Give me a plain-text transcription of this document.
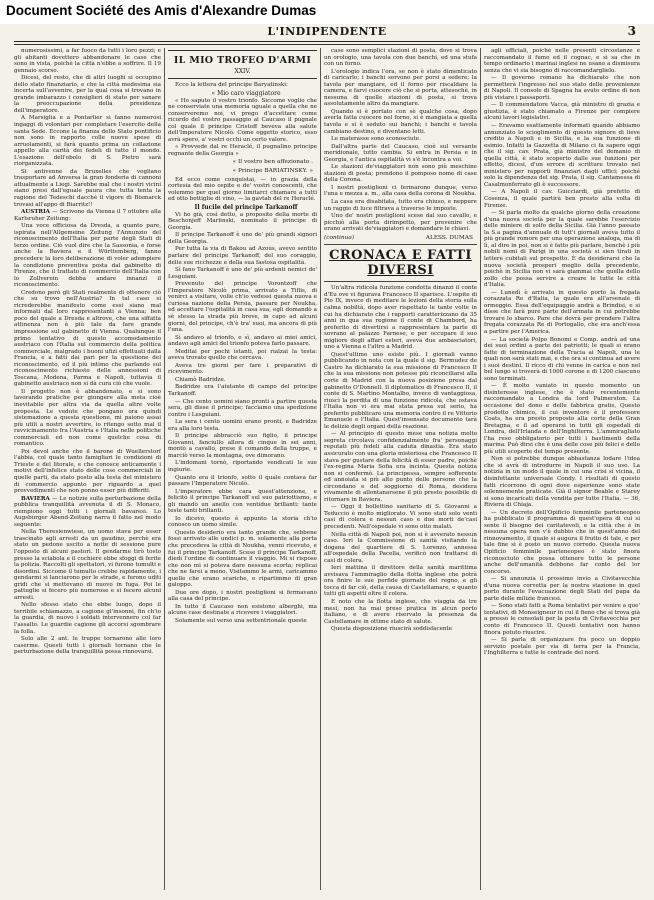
Document Société des Amis d'Alexandre Dumas
L'INDIPENDENTE	3

numerosissimi, a far fuoco da tutti i loro pezzi; e gli abitanti dovettero abbandonare le case che sono in vista, poichè la città n'ebbe a soffrire. Il 19 gennaio scorso.

Dicesi, del resto, che di altri luoghi si occupino dello stato finanziario, e che la città medesima sia incerta sull'avvenire, per la qual cosa si trovano in grande imbarazzo i consiglieri di stato per sanare la preoccupazione della presidenza dell'imperatore.

A Marsiglia e a Pontarlier si fanno numerosi ingaggi di volontari per completare l'esercito della santa Sede. Eccone la finanza dello Stato pontificio non sono in rapporto colle nuove spese di arruolamenti, si farà quanto prima un collazione appello alla carità dei fedeli di tutto il mondo. L'esazione dell'obolo di S. Pietro sarà riorganizzata.

Si antivenne da Bruxelles che vogliano trasportare ad Anversa la gran fonderia di cannoni attualmente a Liegi. Sarebbe mal che i nostri vicini siano presi dall'eguale paura che tutta tenta la ragione del Tedeschi dacchè il vigore di Bismarck trovasi all'appo di Biarritz!!

AUSTRIA — Scrivono da Vienna il 7 ottobre alla Karlsruher Zeitung:

Una voce officiosa da Dresda, a quanto pare, ispirata nell'Allgemeine Zeitung l'Annunzio del riconoscimento dell'Italia per parte degli Stati di terzo ordine. Ciò vuol dire che la Sassonia, e forse anche la Baviera e il Württemberg, fanno precedere la loro deliberazione di voler adempiere la condizione preventiva posta dal gabinetto di Firenze, che il trattato di commercio dell'Italia con lo Zollverein debba andare innanzi il riconoscimento.

Credono però gli Stati realmente di ottenere ciò che su trovo nell'Austria? In tal caso si ricrederebbe manifesto come essi siano mal informati dal loro rappresentanti a Vienna; ben poco del quale a Dresda e altrove, che una siffatta attinenza non è più tale da fare grande impressione sul gabinetto di Vienna. Qualunque il primo tentativo di questo accomodamento austriaco con l'Italia sul commercio della politica commerciale, malgrado i buoni ufizi effettuati dalla Francia, e a fatti dai pari per la questione del riconoscimento, ed il più intimo che parlando sul riconoscimento richiesto delle annessioni di Toscana, Modena, Parma e Napoli, tuttavia il gabinetto austriaco non si dà cura ciò che vuole.

Il progetto non è abbandonato, e si sono lavorando pratiche per giungere alla meta cioè inevitabile per altra via da quella altre volte proposta. Le vedute che pongano ora quindi sistemazione a questa questione, mi paiono assai più utili a nostri avvertire, io ritengo sotto mal il ravvicinamento fra l'Austria e l'Italia nelle politiche commerciali ed non come quelche cosa di romantico.

Poi devol anche che il barone di Wuellerstorf l'abbia, col quale tanto famigliari le condizioni di Trieste e del litorale, e che conosce anticamente i motivi dell'infelice stato delle cose commerciali in quelle parti, da stato posto alla testa del ministero di commercio appunto per riguardo a quel provvedimenti che non ponno esser più differiti.

BAVIERA — Le notizie sulla perturbazione della pubblica tranquillità avvenuta il di S. Monaco, riempiono oggi tutti i giornali bavaresi. Lo Augsburger Abend-Zeitung narra il fatto nel modo seguente:

Nella Theresienwiese, un uomo stava per esser trascinato agli arresti da un gaudino, perchè era stato un pedone uscito a notte di sessione pure l'opposto di alcuni pastori. Il gendarme tirò tosto presso la sciabola e il cochiere ebbe sfoggi di ferite la polizia. Raccolti gli spettatori, vi furono tumulti e disordini. Siccome il tumulto crebbe rapidamente, i gendarmi si lanciarono per le strade, e furono uditi gridi che si mettevano di nuovo in fuga. Poi le pattuglie si fecero più numerose e si fecero alcuni arresti.

Nello sfesso stato che ebbe luogo, dopo il terribile schiamazzo, a cagione gl'insonni, fin ch'io la guardia, di nuovo i soldati intervennero col far l'assalto. Le guardie cagione gli accorsi sgombrare la folla.

Solo alle 2 ant. le truppe tornarono alle loro caserme. Questi tutti i giornali tornano che le perturbazione della tranquillità possa rinnovarsi.

IL MIO TROFEO D'ARMI
XXIV.

Ecco la lettera del principe Baryatinski:

« Mio caro viaggiatore

« Ho saputo il vostro trionfo. Siccome voglio che ne conserviate una memoria uguale a quella che ne conserveremo noi, vi prego d'accettare come ricordo del vostro passaggio al Caucaso il pugnale col quale il principe Cristoff beveva alla salute dell'Imperatore Nicolò. Come oggetto storico, esso avrà spero, a' vostri occhi un certo valore.

« Provvede dal re Heraclé, il pugnalino principe regnante della Georgia »

« Il vostro ben affezionato .

« Principe BARIATINSKY. »

Ed ecco come conquistai, — in grazia della cortesia del mio ospite e de' vostri conoscenti, che volemmo per quel giorno limitarci chiamare a tutti ed otto bottiglie di vino, — la gavtah del re Heraclé.

Il fucile del principe Tarkanoff

Vi ho già, così detto, a proposito della morte di Beschonjeff Marlinski, nominato il principe di Georgia.

Il principe Tarkanoff è uno de' più grandi signori della Georgia.

Per tutta la via di Bakou ad Azous, avevo sentito parlare del principe Tarkanoff, del suo coraggio, delle sue ricchezze e della sua fastosa ospitalità.

Sì fano Tarkanoff è uno de' più ardenti nemici de' Lesguiani.

Prevenuto del principe Vorontzoff che l'Imperatore Nicolò prima, arrivato a Tiflis, di venirci a visitare, volle ch'io vedessi questa nuova e curiosa nazione della Persia, passare per Noukha, ed accettare l'ospitalità in casa sua, egli domandò a sè stesso la strada più breve, in capo ad alcuni giorni, del principe, ch'è tra' suoi, ma ancora di più l'una.

Sì andavo al trionfo, e sì, andavo ai miei amici, andavo agli amici del trionfo poteva farlo passare.

Meditai per pochi istanti, poi rialzai la testa: aveva trovato quello che cercava.

Aveva tre giorni per fare i preparativi di ricevimento.

Chiamò Badridze.

Badridze era l'aiutante di campo del principe Tarkanoff.

— Che cento uomini siano pronti a partire questa sera, gli disse il principe; facciamo una spedizione contro i Lesguiani.

La sera i cento uomini erano pronti, e Badridze era alla loro testa.

Il principe abbracciò suo figlio, il principe Giovanni, fanciullo allora di cinque in sei anni, montò a cavallo, prese il comando della truppe, e marciò verso la montagna, ove dimorano.

L'indomani tornò, riportando vendicati le sue ingiurie.

Quanto era il trionfo, sotto il quale contava far passare l'Imperatore Nicolò.

L'imperatore ebbe cara quest'attenzione, e felicitò il principe Tarkanoff sul suo patriottismo, e gli mandò un anello con ventidue brillanti: tante teste tanti brillanti.

Io dicevo, questo è appunto la storia ch'io conosco un uomo simile.

Questo desiderio era tanto grande che, sebbene fossi arrivato alle undici p. m. solamente alla porta che precedeva la città di Noukha, venni ricevuto, e fui il principe Tarkanoff. Scese il principe Tarkanoff, diedi l'ordine di continuare il viaggio. Mi si rispose che non mi si poteva dare nessuna scorta; replicai che ne farei a meno. Visitammo le armi, caricammo quelle che erano scariche, e ripartimmo di gran galoppo.

Due ore dopo, i nostri postiglioni si fermavano alla casa del principe.

In tutto il Caucaso non esistono alberghi, ma alcune case destinate a ricevere i viaggiatori.

Solamente sul verso una settentrionale queste

case sono semplici stazioni di posta, dove si trova un orologio, una tavola con due banchi, ed una stufa con un forno.

L'orologio indica l'ora, se non è stato dimenticato di caricarlo; i banchi servono per porsi a sedere; la tavola per mangiare, ed il forno per riscaldare la camera, e farvi cuocere ciò che si porta, attesochè, in nessuna di quelle stazioni di posta, si trova assolutamente altro da mangiare.

Quando si è portato con sè qualche cosa, dopo averla fatta cuocere nel forno, si è mangiata a quella tavola e si è seduto sui banchi; i banchi e tavola cambiano destino, e diventano letti.

Le materasse sono sconosciute.

Dall'altra parte del Caucaso, cioè sul versante meridionale, tutto cambia. Si entra in Persia e in Georgia, e l'antica ospitalità vi s'è incontra a voi.

Le stazioni de'viaggiatori non sono più meschine stazioni di posta; prendono il pomposo nome di case della Corona.

I nostri postiglioni ci fermarono dunque, verso l'una e mezza a. m., alla casa della corona di Noukha.

La casa era disabitata, tutto era chiuso, e neppure un raggio di luce filtrava a traverso le imposte.

Uno de' nostri postiglioni scese dal suo cavallo, e picchiò alla porta dirimpetto, per prevenire che erano arrivati de'viaggiatori e domandare le chiavi.

(continua)	ALESS. DUMAS
CRONACA E FATTI DIVERSI

Un'altra ridicola funzione condotta dinanzi il conte d'Eu ove vi figurava Francesco II sparisce. L'ospite di Pio IX, invece di meditare le lezioni della storia sulla calma nobiltà, dopo aver rispettato le tante volte in cui ha dichiarato che i rapporti caratterizzano da 35 anni in qua sua regione il conte di Chambord, ha preferito di divertirsi a rappresentare la parte di sovrano al palazzo Farnese, e per occupare il suo migliore degli affari esteri, aveva due ambasciatori, uno a Vienna e l'altro a Madrid.

Quest'ultimo uno esiste più. I giornali vanno pubblicando in nota con la quale il sig. Bermudez de Castro ha dichiarato la sua missione di Francesco II che la sua missione non potesse più riconciliarsi alla corte di Madrid con la nuova posizione presa dal gabinetto O'Donnell. Il diplomatico di Francesco II, il conte di S. Martino Montalbo, invece di vantaggiosa, riuscì la perdita di una funzione ridicola, che ostava l'Italia non vi era mai stata presa sul serio, ha preferito pubblicare una memoria contro il re Vittorio Emanuele e l'Italia. Quest'insensato documento tarà le delizie degli organi della reazione.

— Al principio di questo mese una notizia molto segreta circolava confidenzialmente fra' personaggi reputati più fedeli alla caduta dinastia. Era stato assicurato con una gloria misteriosa che Francesco II stava per gustare della felicità di esser padre, poichè l'ex-regina Maria Sofia era incinta. Questa notizia non si confermò. La principessa, sempre sofferente ed annoiata si più alto punto delle persone che la circondano e del soggiorno di Roma, desidera vivamente di allontanarsene il più presto possibile di ritornare in Baviera.

— Oggi il bollettino sanitario di S. Giovanni a Teduccio è molto migliorato. Vi sono stati solo venti casi di colera e nessun caso e due morti de'casi precedenti. Nell'ospedale vi sono otto malati.

Nella città di Napoli poi, non si è avverato nessun caso. Ieri la Commissione di sanità visitando la dogana del quartiere di S. Lorenzo, annessa all'ospedale della Pacella, verificò non trattarsi di casi di colera.

Ieri mattina il direttore della sanità marittima avvisava l'ammiraglio della flotta inglese che potrà ora finire le sue perfide giornate del regno, e gli tocca di far ciò, della causa di Castellamare, e quanto tutti gli aspetti oltre il colera.

E noto che la flotta inglese, che viaggia da tre mesi, non ha mai preso pratica in alcun porto italiano, e di avere riservato la presenza da Castellamare in ottime stato di salute.

Questa disposizione riuscirà soddisfacente

agli ufficiali, poichè nelle presenti circostanze è raccomandato il fumo ed il cognac, e si sa che in tempo ordinario i marinai inglesi ne usano a dismisura senza che vi sia bisogno di raccomandarglielo.

— Il governo romano ha dichiarato che non permetterà l'ingresso nel suo stato delle provenienze di Napoli. Il console di Spagna ha avuto ordine di non più vistare i passaporti.

— Il commendatore Vacca, già ministro di grazia e giustizia, è stato chiamato a Firenze per compiere alcuni lavori legislativi.

— Eravamo esattamente informati quando abbiamo annunziato lo scioglimento di questo signore di lieve credito a Napoli e in Sicilia, e la sua funzione di esimio. Infatti la Gazzetta di Milano ci fa sapere oggi che il sig. cav. Prata, già ministro del demanio di quella città, è stato scoperto dalle sue funzioni per effetto, dicesi, d'un errore di scritture trovato nel ministero per rapporti finanziari dagli uffici; poiché solo la dipendenza del sig. Prata, il sig. Cantamessa di Casalmonferrato gli è successore.

— A Napoli il cav. Guicciardi, già prefetto di Cosenza, il quale partirà ben presto alla volta di Firenze.

— Si parla molto da qualche giorno della creazione d'una nuova società per la quale sarebbe l'esercizio delle miniere di solfo della Sicilia. Già l'anno passato la S.a pagina d'annuale di tutt'i giornali aveva tutto il più grande romore per una operazione analoga, ma di lì, al dire in poi, non si è fatto più parlare, benchè i più nobili nomi di Parigi in una società si sien tirati in lettere cubitali sul prospetto. È da desiderarsi che la nuova società prosperi meglio della precedente, poichè in Sicilia non vi sarà giammai che quella dello zolfo che possa servire a creare le tutte le città d'Italia.

— Lunedì è arrivato in questo porto la fregata corazzata Re d'Italia, la quale era all'arsenale di ormeggio. Essa dell'equipaggio andrà a Brindisi, e si disse che farà pure parte dell'armata in cui potrebbe trovare lo sbarco. Pare che dovrà per prendere l'altra fregata corazzata Re di Portogallo, che era anch'essa a partire per l'America.

— La società Polpo Bonomi e Comp. andrà ad una dei suoi ordini a parte dei patriotti; le quali si erano fatte di terminazione della Tracia ai Napoli, una le quali non sarà stati mai, e che ora si continua ad avere i suoi destini. Il ricco di chi venne in carica e non nel bel lungo si troverà di 1000 corone e di 1200 ciascuno sono terminati.

— È molto vaniato in questo momento un disinteresse inglese, che è stato recentemente raccomandato a Londra da lord Palmerston. La occasione del dono e delle fabbrica gratis, Questo prodotto chimico, il cui inventore è il professore Coats, ha era presto proposto alla corte della Gran Bretagna, e il ad operarsi in tutti gli ospedali di Londra, dell'Irlanda e dell'Inghilterra. L'ammiragliato l'ha reso obbligatorio per tutti i bastimenti della marina. Può dirsi che è una delle cose più felici e dello più utili scoperte del tempo presente.

Non si potrebbe dunque abbastanza lodare l'idea che si avrà di introdurre in Napoli il suo uso. La notizia in un modo il quale in cui una crisi sì vicina, il disinfettante universale Condy. I risultati di questo fatti ricorrono di ogni dove esperienze sono state solennemente praticate. Già il signor Beable e Starey si sono incaricati della vendita per tutte l'Italia. — 36, Riviera di Chiaja.

— Un decreto dell'Opificio femminile parteneopeo ha pubblicato il programma di quest'opera di cui si sente il bisogno dei caritatevoli, e la città che è in nessuna opera non v'è dubbio che in quest'anno del rinnovamento, il quale si augura il frutto di tale, e per tale fine si è posto un nuovo corredo. Questa nuova Opificio femminile parteneopeo è stato finora riconosciuto che possa ottenere tutto le persone anche dell'umanità debbono far conto del lor concorso.

— Si annunzia il prossimo invio a Civitavecchia d'una nuova corvetta per la nostra stazione in quel porto durante l'evacuazione degli Stati del papa da parte delle milizie francesi.

— Sono stati fatti a Roma tentativi per venire a que' tentativi, di Monseigneur in cui il fieno che si trova già a presso le consolati per la posta di Civitavecchia per conto di Francesco II. Questi tentativi non hanno finora potuto riuscire.

— Si parla di organizzare fra poco un doppio servizio postale per via di terra per la Francia, l'Inghilterra e tutte le contrade del nord.
